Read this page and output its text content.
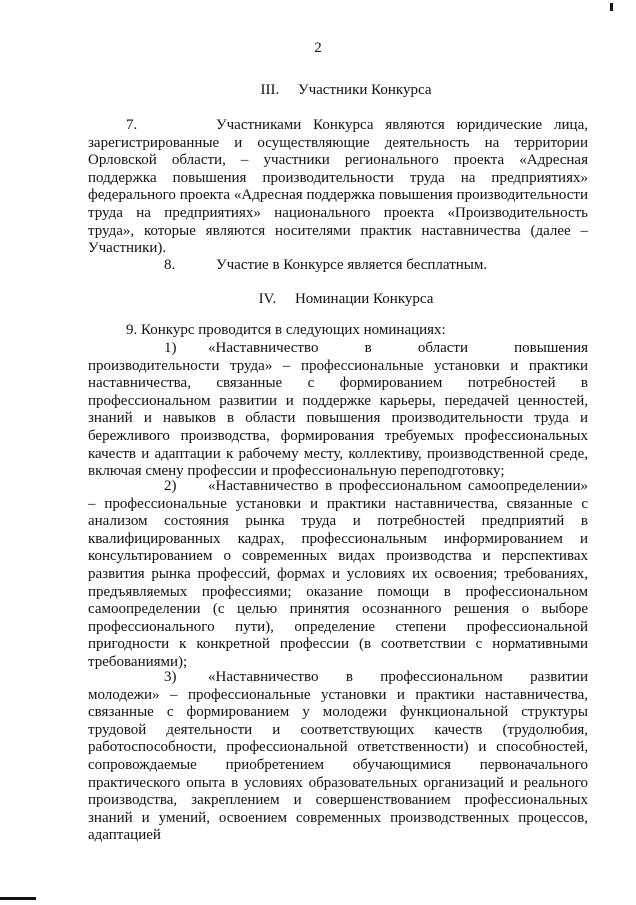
2
III. Участники Конкурса

7.	Участниками Конкурса являются юридические лица, зарегистрированные и осуществляющие деятельность на территории Орловской области, – участники регионального проекта «Адресная поддержка повышения производительности труда на предприятиях» федерального проекта «Адресная поддержка повышения производительности труда на предприятиях» национального проекта «Производительность труда», которые являются носителями практик наставничества (далее – Участники).

8.	Участие в Конкурсе является бесплатным.

IV. Номинации Конкурса

9. Конкурс проводится в следующих номинациях:

1) «Наставничество в области повышения производительности труда» – профессиональные установки и практики наставничества, связанные с формированием потребностей в профессиональном развитии и поддержке карьеры, передачей ценностей, знаний и навыков в области повышения производительности труда и бережливого производства, формирования требуемых профессиональных качеств и адаптации к рабочему месту, коллективу, производственной среде, включая смену профессии и профессиональную переподготовку;

2) «Наставничество в профессиональном самоопределении» – профессиональные установки и практики наставничества, связанные с анализом состояния рынка труда и потребностей предприятий в квалифицированных кадрах, профессиональным информированием и консультированием о современных видах производства и перспективах развития рынка профессий, формах и условиях их освоения; требованиях, предъявляемых профессиями; оказание помощи в профессиональном самоопределении (с целью принятия осознанного решения о выборе профессионального пути), определение степени профессиональной пригодности к конкретной профессии (в соответствии с нормативными требованиями);

3) «Наставничество в профессиональном развитии молодежи» – профессиональные установки и практики наставничества, связанные с формированием у молодежи функциональной структуры трудовой деятельности и соответствующих качеств (трудолюбия, работоспособности, профессиональной ответственности) и способностей, сопровождаемые приобретением обучающимися первоначального практического опыта в условиях образовательных организаций и реального производства, закреплением и совершенствованием профессиональных знаний и умений, освоением современных производственных процессов, адаптацией
